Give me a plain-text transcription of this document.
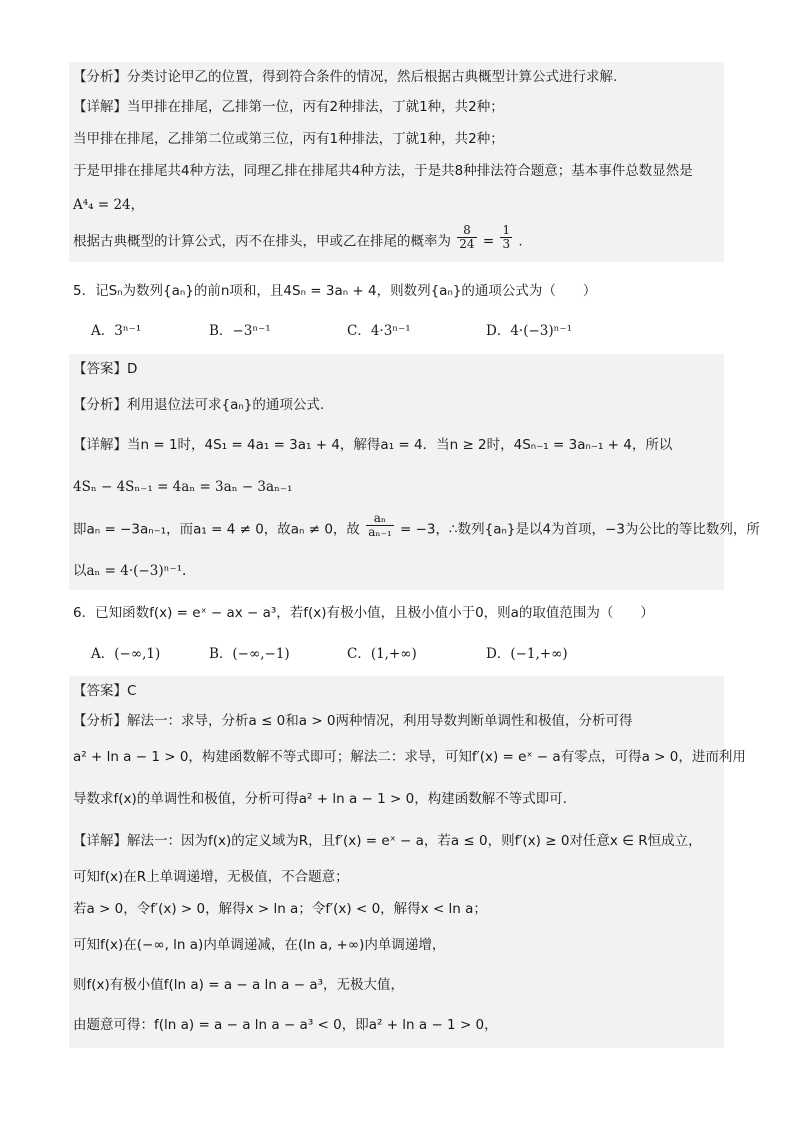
【分析】分类讨论甲乙的位置，得到符合条件的情况，然后根据古典概型计算公式进行求解.
【详解】当甲排在排尾，乙排第一位，丙有2种排法，丁就1种，共2种；
当甲排在排尾，乙排第二位或第三位，丙有1种排法，丁就1种，共2种；
于是甲排在排尾共4种方法，同理乙排在排尾共4种方法，于是共8种排法符合题意；基本事件总数显然是
A⁴₄ = 24，
根据古典概型的计算公式，丙不在排头，甲或乙在排尾的概率为 $\frac{8}{24} = \frac{1}{3}$ .
5．记Sₙ为数列{aₙ}的前n项和，且4Sₙ = 3aₙ + 4，则数列{aₙ}的通项公式为（　　）
A．3ⁿ⁻¹	B．−3ⁿ⁻¹	C．4·3ⁿ⁻¹	D．4·(−3)ⁿ⁻¹
【答案】D
【分析】利用退位法可求{aₙ}的通项公式.
【详解】当n = 1时，4S₁ = 4a₁ = 3a₁ + 4，解得a₁ = 4．当n ≥ 2时，4Sₙ₋₁ = 3aₙ₋₁ + 4，所以
4Sₙ − 4Sₙ₋₁ = 4aₙ = 3aₙ − 3aₙ₋₁
即aₙ = −3aₙ₋₁，而a₁ = 4 ≠ 0，故aₙ ≠ 0，故 $\frac{\text{aₙ}}{\text{aₙ₋₁}} = -3$，∴数列{aₙ}是以4为首项，−3为公比的等比数列，所
以aₙ = 4·(−3)ⁿ⁻¹.
6．已知函数f(x) = eˣ − ax − a³，若f(x)有极小值，且极小值小于0，则a的取值范围为（　　）
A．(−∞,1)	B．(−∞,−1)	C．(1,+∞)	D．(−1,+∞)
【答案】C
【分析】解法一：求导，分析a ≤ 0和a > 0两种情况，利用导数判断单调性和极值，分析可得
a² + ln a − 1 > 0，构建函数解不等式即可；解法二：求导，可知f′(x) = eˣ − a有零点，可得a > 0，进而利用
导数求f(x)的单调性和极值，分析可得a² + ln a − 1 > 0，构建函数解不等式即可.
【详解】解法一：因为f(x)的定义域为R，且f′(x) = eˣ − a，若a ≤ 0，则f′(x) ≥ 0对任意x ∈ R恒成立，
可知f(x)在R上单调递增，无极值，不合题意；
若a > 0，令f′(x) > 0，解得x > ln a；令f′(x) < 0，解得x < ln a；
可知f(x)在(−∞, ln a)内单调递减，在(ln a, +∞)内单调递增，
则f(x)有极小值f(ln a) = a − a ln a − a³，无极大值，
由题意可得：f(ln a) = a − a ln a − a³ < 0，即a² + ln a − 1 > 0，
